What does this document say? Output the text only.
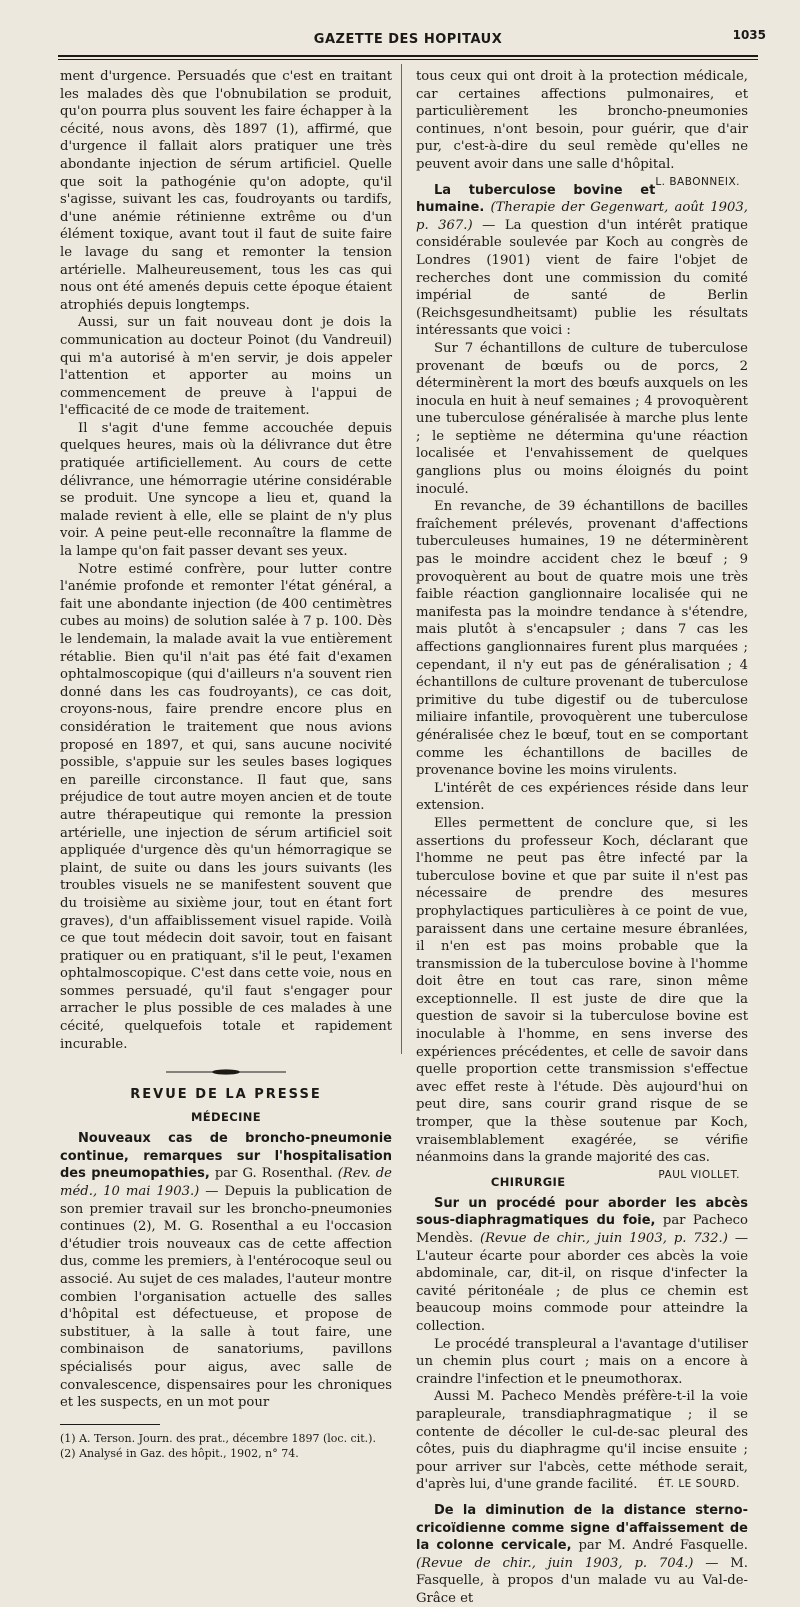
GAZETTE DES HOPITAUX	1035

ment d'urgence. Persuadés que c'est en traitant les malades dès que l'obnubilation se produit, qu'on pourra plus souvent les faire échapper à la cécité, nous avons, dès 1897 (1), affirmé, que d'urgence il fallait alors pratiquer une très abondante injection de sérum artificiel. Quelle que soit la pathogénie qu'on adopte, qu'il s'agisse, suivant les cas, foudroyants ou tardifs, d'une anémie rétinienne extrême ou d'un élément toxique, avant tout il faut de suite faire le lavage du sang et remonter la tension artérielle. Malheureusement, tous les cas qui nous ont été amenés depuis cette époque étaient atrophiés depuis longtemps.

Aussi, sur un fait nouveau dont je dois la communication au docteur Poinot (du Vandreuil) qui m'a autorisé à m'en servir, je dois appeler l'attention et apporter au moins un commencement de preuve à l'appui de l'efficacité de ce mode de traitement.

Il s'agit d'une femme accouchée depuis quelques heures, mais où la délivrance dut être pratiquée artificiellement. Au cours de cette délivrance, une hémorragie utérine considérable se produit. Une syncope a lieu et, quand la malade revient à elle, elle se plaint de n'y plus voir. A peine peut-elle reconnaître la flamme de la lampe qu'on fait passer devant ses yeux.

Notre estimé confrère, pour lutter contre l'anémie profonde et remonter l'état général, a fait une abondante injection (de 400 centimètres cubes au moins) de solution salée à 7 p. 100. Dès le lendemain, la malade avait la vue entièrement rétablie. Bien qu'il n'ait pas été fait d'examen ophtalmoscopique (qui d'ailleurs n'a souvent rien donné dans les cas foudroyants), ce cas doit, croyons-nous, faire prendre encore plus en considération le traitement que nous avions proposé en 1897, et qui, sans aucune nocivité possible, s'appuie sur les seules bases logiques en pareille circonstance. Il faut que, sans préjudice de tout autre moyen ancien et de toute autre thérapeutique qui remonte la pression artérielle, une injection de sérum artificiel soit appliquée d'urgence dès qu'un hémorragique se plaint, de suite ou dans les jours suivants (les troubles visuels ne se manifestent souvent que du troisième au sixième jour, tout en étant fort graves), d'un affaiblissement visuel rapide. Voilà ce que tout médecin doit savoir, tout en faisant pratiquer ou en pratiquant, s'il le peut, l'examen ophtalmoscopique. C'est dans cette voie, nous en sommes persuadé, qu'il faut s'engager pour arracher le plus possible de ces malades à une cécité, quelquefois totale et rapidement incurable.

REVUE DE LA PRESSE
MÉDECINE

Nouveaux cas de broncho-pneumonie continue, remarques sur l'hospitalisation des pneumopathies, par G. Rosenthal. (Rev. de méd., 10 mai 1903.) — Depuis la publication de son premier travail sur les broncho-pneumonies continues (2), M. G. Rosenthal a eu l'occasion d'étudier trois nouveaux cas de cette affection dus, comme les premiers, à l'entérocoque seul ou associé. Au sujet de ces malades, l'auteur montre combien l'organisation actuelle des salles d'hôpital est défectueuse, et propose de substituer, à la salle à tout faire, une combinaison de sanatoriums, pavillons spécialisés pour aigus, avec salle de convalescence, dispensaires pour les chroniques et les suspects, en un mot pour

(1) A. Terson. Journ. des prat., décembre 1897 (loc. cit.).

(2) Analysé in Gaz. des hôpit., 1902, n° 74.

tous ceux qui ont droit à la protection médicale, car certaines affections pulmonaires, et particulièrement les broncho-pneumonies continues, n'ont besoin, pour guérir, que d'air pur, c'est-à-dire du seul remède qu'elles ne peuvent avoir dans une salle d'hôpital.
L. BABONNEIX.

La tuberculose bovine et humaine. (Therapie der Gegenwart, août 1903, p. 367.) — La question d'un intérêt pratique considérable soulevée par Koch au congrès de Londres (1901) vient de faire l'objet de recherches dont une commission du comité impérial de santé de Berlin (Reichsgesundheitsamt) publie les résultats intéressants que voici :

Sur 7 échantillons de culture de tuberculose provenant de bœufs ou de porcs, 2 déterminèrent la mort des bœufs auxquels on les inocula en huit à neuf semaines ; 4 provoquèrent une tuberculose généralisée à marche plus lente ; le septième ne détermina qu'une réaction localisée et l'envahissement de quelques ganglions plus ou moins éloignés du point inoculé.

En revanche, de 39 échantillons de bacilles fraîchement prélevés, provenant d'affections tuberculeuses humaines, 19 ne déterminèrent pas le moindre accident chez le bœuf ; 9 provoquèrent au bout de quatre mois une très faible réaction ganglionnaire localisée qui ne manifesta pas la moindre tendance à s'étendre, mais plutôt à s'encapsuler ; dans 7 cas les affections ganglionnaires furent plus marquées ; cependant, il n'y eut pas de généralisation ; 4 échantillons de culture provenant de tuberculose primitive du tube digestif ou de tuberculose miliaire infantile, provoquèrent une tuberculose généralisée chez le bœuf, tout en se comportant comme les échantillons de bacilles de provenance bovine les moins virulents.

L'intérêt de ces expériences réside dans leur extension.

Elles permettent de conclure que, si les assertions du professeur Koch, déclarant que l'homme ne peut pas être infecté par la tuberculose bovine et que par suite il n'est pas nécessaire de prendre des mesures prophylactiques particulières à ce point de vue, paraissent dans une certaine mesure ébranlées, il n'en est pas moins probable que la transmission de la tuberculose bovine à l'homme doit être en tout cas rare, sinon même exceptionnelle. Il est juste de dire que la question de savoir si la tuberculose bovine est inoculable à l'homme, en sens inverse des expériences précédentes, et celle de savoir dans quelle proportion cette transmission s'effectue avec effet reste à l'étude. Dès aujourd'hui on peut dire, sans courir grand risque de se tromper, que la thèse soutenue par Koch, vraisemblablement exagérée, se vérifie néanmoins dans la grande majorité des cas.
PAUL VIOLLET.

CHIRURGIE

Sur un procédé pour aborder les abcès sous-diaphragmatiques du foie, par Pacheco Mendès. (Revue de chir., juin 1903, p. 732.) — L'auteur écarte pour aborder ces abcès la voie abdominale, car, dit-il, on risque d'infecter la cavité péritonéale ; de plus ce chemin est beaucoup moins commode pour atteindre la collection.

Le procédé transpleural a l'avantage d'utiliser un chemin plus court ; mais on a encore à craindre l'infection et le pneumothorax.

Aussi M. Pacheco Mendès préfère-t-il la voie parapleurale, transdiaphragmatique ; il se contente de décoller le cul-de-sac pleural des côtes, puis du diaphragme qu'il incise ensuite ; pour arriver sur l'abcès, cette méthode serait, d'après lui, d'une grande facilité.	ÉT. LE SOURD.

De la diminution de la distance sterno-cricoïdienne comme signe d'affaissement de la colonne cervicale, par M. André Fasquelle. (Revue de chir., juin 1903, p. 704.) — M. Fasquelle, à propos d'un malade vu au Val-de-Grâce et
